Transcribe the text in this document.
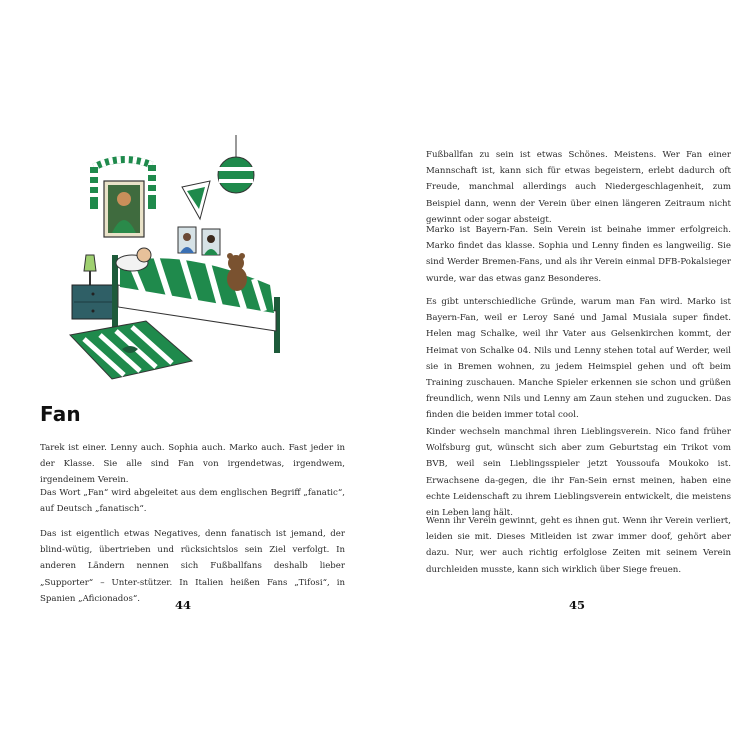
Fan

Tarek ist einer. Lenny auch. Sophia auch. Marko auch. Fast jeder in der Klasse. Sie alle sind Fan von irgendetwas, irgendwem, irgendeinem Verein.

Das Wort „Fan“ wird abgeleitet aus dem englischen Begriff „fanatic“, auf Deutsch „fanatisch“.

Das ist eigentlich etwas Negatives, denn fanatisch ist jemand, der blind-wütig, übertrieben und rücksichtslos sein Ziel verfolgt. In anderen Ländern nennen sich Fußballfans deshalb lieber „Supporter“ – Unter-stützer. In Italien heißen Fans „Tifosi“, in Spanien „Aficionados“.	44

Fußballfan zu sein ist etwas Schönes. Meistens. Wer Fan einer Mannschaft ist, kann sich für etwas begeistern, erlebt dadurch oft Freude, manchmal allerdings auch Niedergeschlagenheit, zum Beispiel dann, wenn der Verein über einen längeren Zeitraum nicht gewinnt oder sogar absteigt.

Marko ist Bayern-Fan. Sein Verein ist beinahe immer erfolgreich. Marko findet das klasse. Sophia und Lenny finden es langweilig. Sie sind Werder Bremen-Fans, und als ihr Verein einmal DFB-Pokalsieger wurde, war das etwas ganz Besonderes.

Es gibt unterschiedliche Gründe, warum man Fan wird. Marko ist Bayern-Fan, weil er Leroy Sané und Jamal Musiala super findet. Helen mag Schalke, weil ihr Vater aus Gelsenkirchen kommt, der Heimat von Schalke 04. Nils und Lenny stehen total auf Werder, weil sie in Bremen wohnen, zu jedem Heimspiel gehen und oft beim Training zuschauen. Manche Spieler erkennen sie schon und grüßen freundlich, wenn Nils und Lenny am Zaun stehen und zugucken. Das finden die beiden immer total cool.

Kinder wechseln manchmal ihren Lieblingsverein. Nico fand früher Wolfsburg gut, wünscht sich aber zum Geburtstag ein Trikot vom BVB, weil sein Lieblingsspieler jetzt Youssoufa Moukoko ist. Erwachsene da-gegen, die ihr Fan-Sein ernst meinen, haben eine echte Leidenschaft zu ihrem Lieblingsverein entwickelt, die meistens ein Leben lang hält.

Wenn ihr Verein gewinnt, geht es ihnen gut. Wenn ihr Verein verliert, leiden sie mit. Dieses Mitleiden ist zwar immer doof, gehört aber dazu. Nur, wer auch richtig erfolglose Zeiten mit seinem Verein durchleiden musste, kann sich wirklich über Siege freuen.

45
